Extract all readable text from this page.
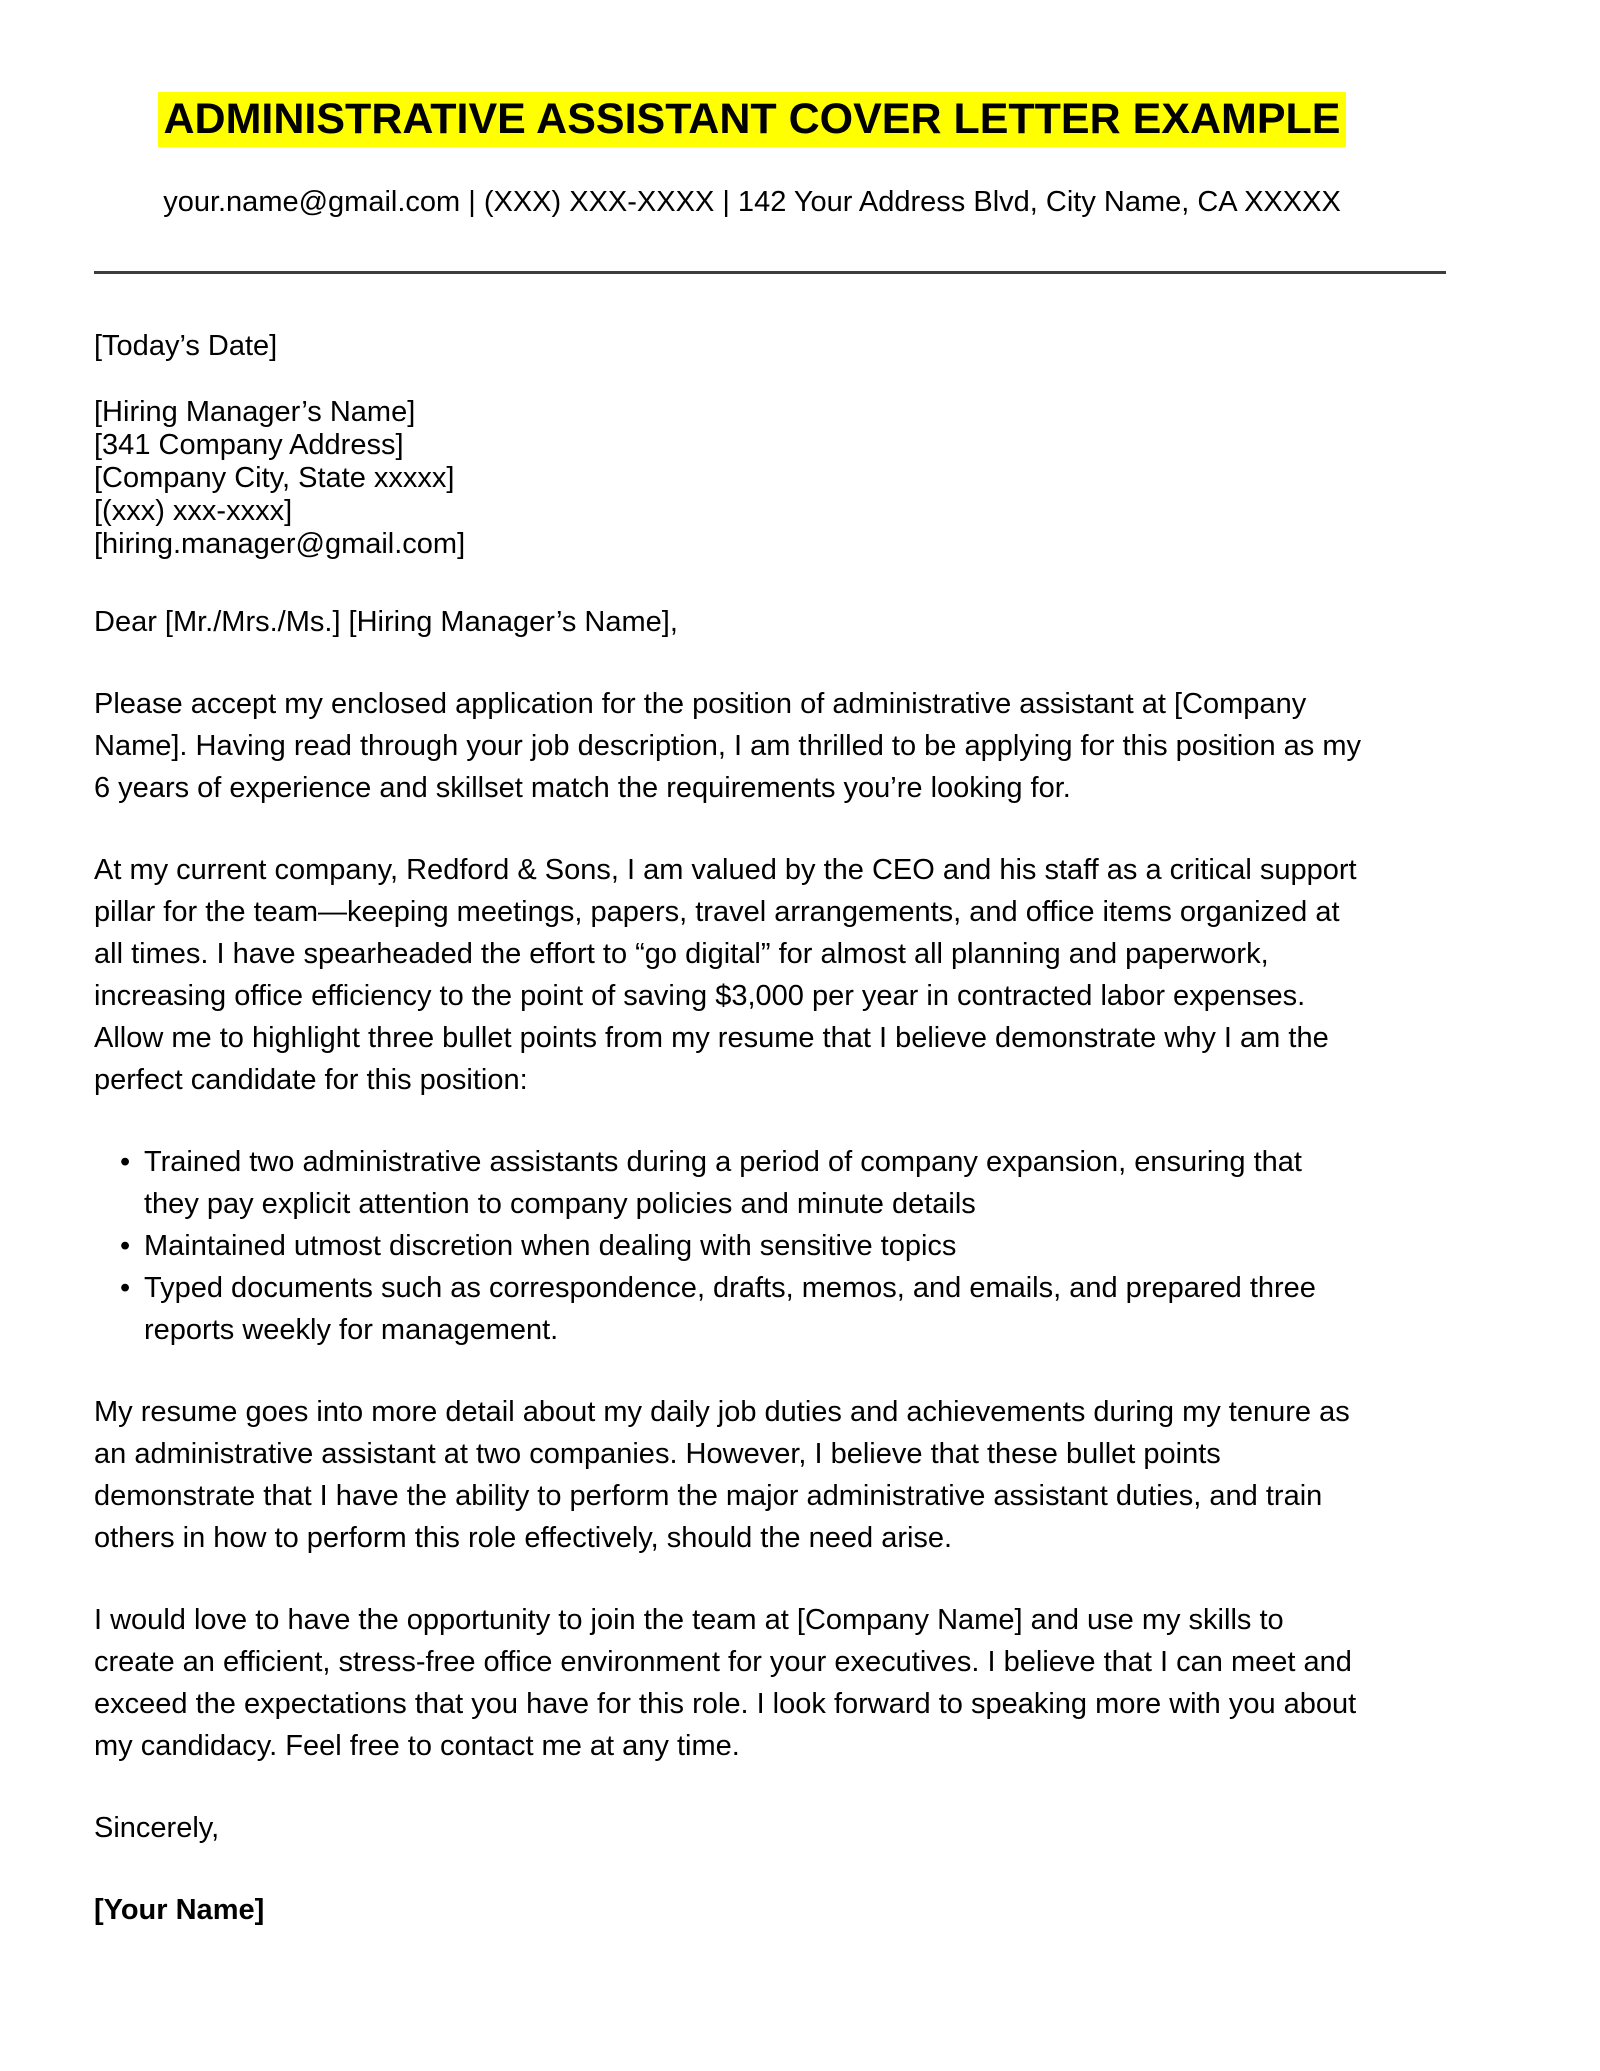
ADMINISTRATIVE ASSISTANT COVER LETTER EXAMPLE
your.name@gmail.com | (XXX) XXX-XXXX | 142 Your Address Blvd, City Name, CA XXXXX
[Today’s Date]
[Hiring Manager’s Name]
[341 Company Address]
[Company City, State xxxxx]
[(xxx) xxx-xxxx]
[hiring.manager@gmail.com]

Dear [Mr./Mrs./Ms.] [Hiring Manager’s Name],

Please accept my enclosed application for the position of administrative assistant at [Company Name]. Having read through your job description, I am thrilled to be applying for this position as my 6 years of experience and skillset match the requirements you’re looking for.

At my current company, Redford & Sons, I am valued by the CEO and his staff as a critical support pillar for the team—keeping meetings, papers, travel arrangements, and office items organized at all times. I have spearheaded the effort to “go digital” for almost all planning and paperwork, increasing office efficiency to the point of saving $3,000 per year in contracted labor expenses. Allow me to highlight three bullet points from my resume that I believe demonstrate why I am the perfect candidate for this position:

• Trained two administrative assistants during a period of company expansion, ensuring that they pay explicit attention to company policies and minute details
• Maintained utmost discretion when dealing with sensitive topics
• Typed documents such as correspondence, drafts, memos, and emails, and prepared three reports weekly for management.

My resume goes into more detail about my daily job duties and achievements during my tenure as an administrative assistant at two companies. However, I believe that these bullet points demonstrate that I have the ability to perform the major administrative assistant duties, and train others in how to perform this role effectively, should the need arise.

I would love to have the opportunity to join the team at [Company Name] and use my skills to create an efficient, stress-free office environment for your executives. I believe that I can meet and exceed the expectations that you have for this role. I look forward to speaking more with you about my candidacy. Feel free to contact me at any time.

Sincerely,

[Your Name]
